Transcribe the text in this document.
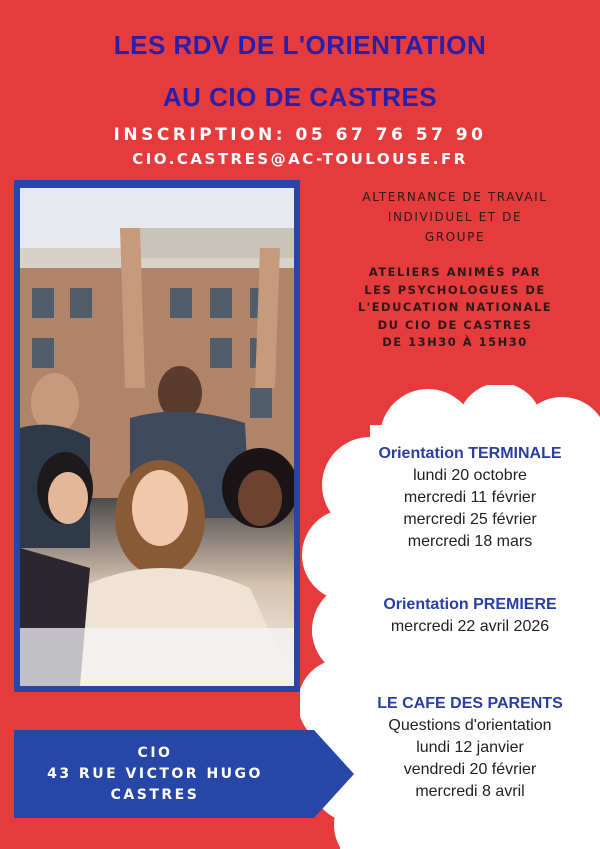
LES RDV DE L'ORIENTATION
AU CIO DE CASTRES
INSCRIPTION: 05 67 76 57 90
CIO.CASTRES@AC-TOULOUSE.FR
ALTERNANCE DE TRAVAIL
INDIVIDUEL ET DE
GROUPE
ATELIERS ANIMÉS PAR
LES PSYCHOLOGUES DE
L'EDUCATION NATIONALE
DU CIO DE CASTRES
DE 13H30 À 15H30
Orientation TERMINALE
lundi 20 octobre
mercredi 11 février
mercredi 25 février
mercredi 18 mars
Orientation PREMIERE
mercredi 22 avril 2026
LE CAFE DES PARENTS
Questions d'orientation
lundi 12 janvier
vendredi 20 février
mercredi 8 avril
CIO
43 RUE VICTOR HUGO
CASTRES
